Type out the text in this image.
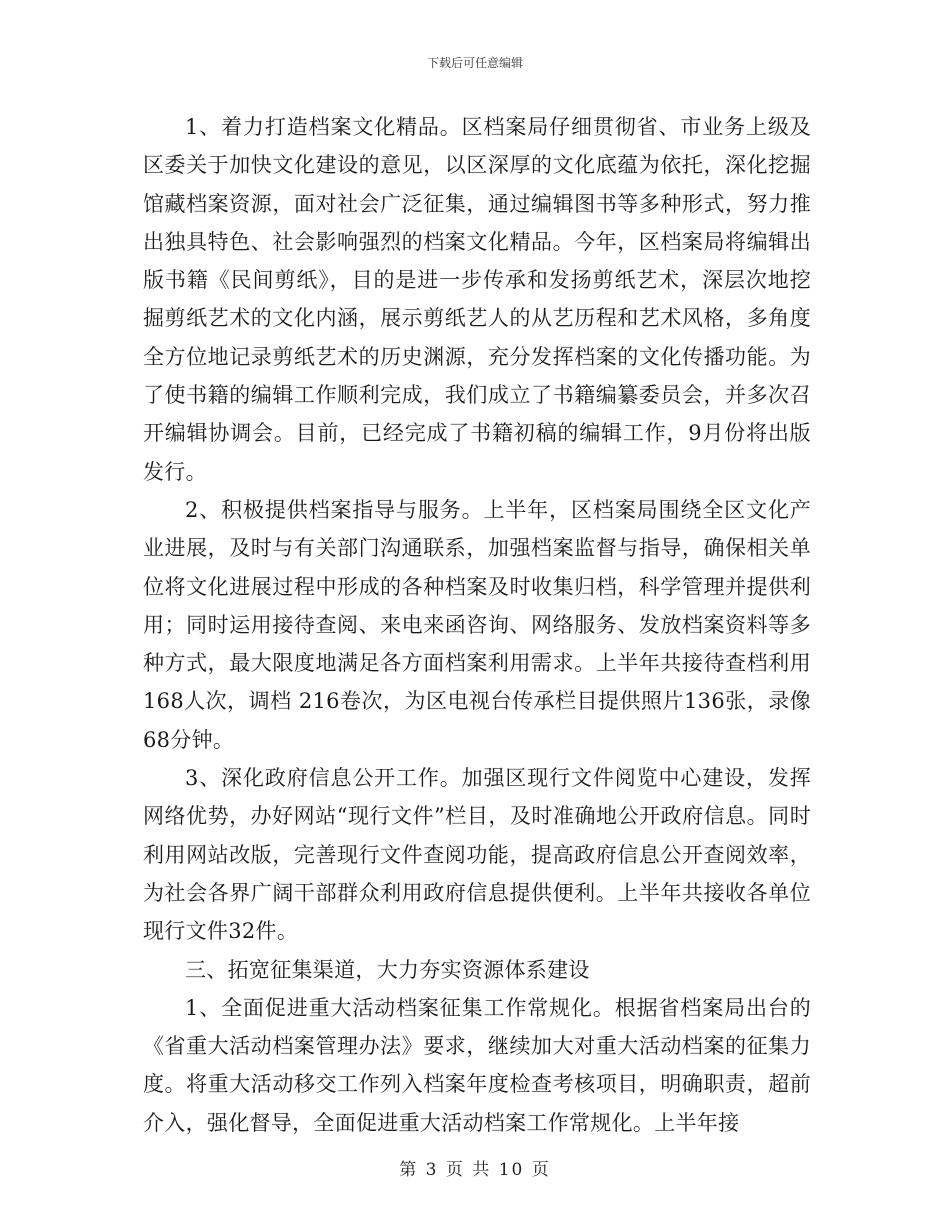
下载后可任意编辑

1、着力打造档案文化精品。区档案局仔细贯彻省、市业务上级及区委关于加快文化建设的意见，以区深厚的文化底蕴为依托，深化挖掘馆藏档案资源，面对社会广泛征集，通过编辑图书等多种形式，努力推出独具特色、社会影响强烈的档案文化精品。今年，区档案局将编辑出版书籍《民间剪纸》，目的是进一步传承和发扬剪纸艺术，深层次地挖掘剪纸艺术的文化内涵，展示剪纸艺人的从艺历程和艺术风格，多角度全方位地记录剪纸艺术的历史渊源，充分发挥档案的文化传播功能。为了使书籍的编辑工作顺利完成，我们成立了书籍编纂委员会，并多次召开编辑协调会。目前，已经完成了书籍初稿的编辑工作，9月份将出版发行。

2、积极提供档案指导与服务。上半年，区档案局围绕全区文化产业进展，及时与有关部门沟通联系，加强档案监督与指导，确保相关单位将文化进展过程中形成的各种档案及时收集归档，科学管理并提供利用；同时运用接待查阅、来电来函咨询、网络服务、发放档案资料等多种方式，最大限度地满足各方面档案利用需求。上半年共接待查档利用168人次，调档 216卷次，为区电视台传承栏目提供照片136张，录像68分钟。

3、深化政府信息公开工作。加强区现行文件阅览中心建设，发挥网络优势，办好网站“现行文件”栏目，及时准确地公开政府信息。同时利用网站改版，完善现行文件查阅功能，提高政府信息公开查阅效率，为社会各界广阔干部群众利用政府信息提供便利。上半年共接收各单位现行文件32件。

三、拓宽征集渠道，大力夯实资源体系建设

1、全面促进重大活动档案征集工作常规化。根据省档案局出台的《省重大活动档案管理办法》要求，继续加大对重大活动档案的征集力度。将重大活动移交工作列入档案年度检查考核项目，明确职责，超前介入，强化督导，全面促进重大活动档案工作常规化。上半年接

第 3 页 共 10 页
